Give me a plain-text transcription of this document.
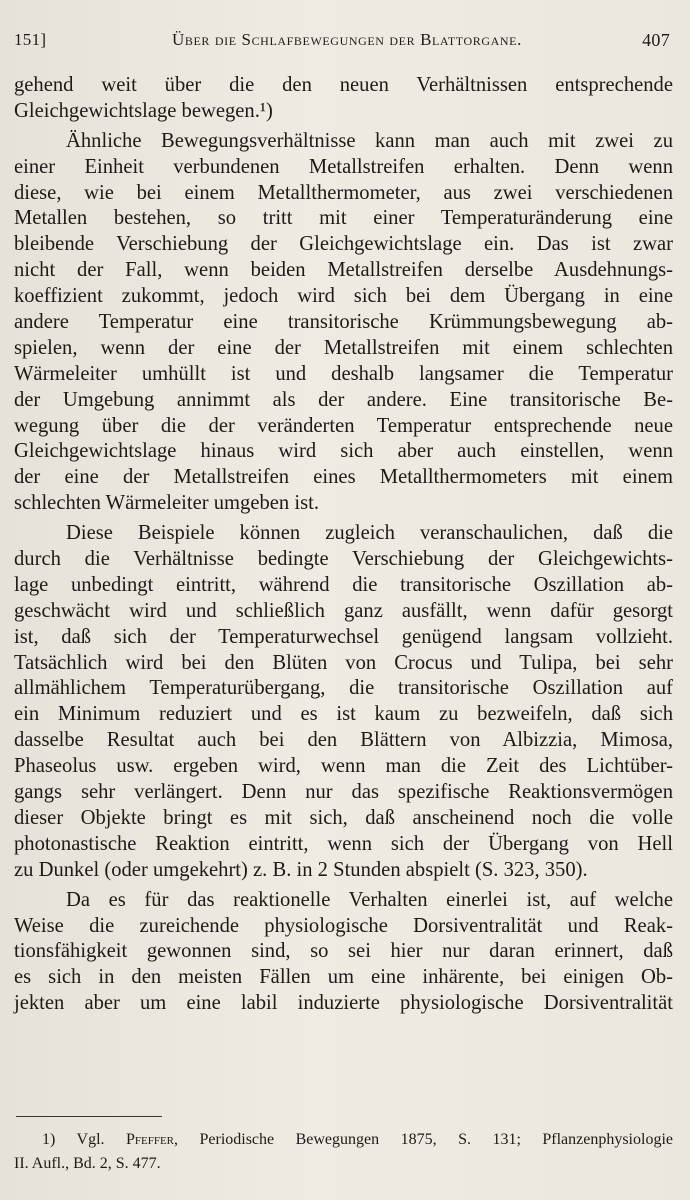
151]	Über die Schlafbewegungen der Blattorgane.	407
gehend weit über die den neuen Verhältnissen entsprechende
Gleichgewichtslage bewegen.¹)
Ähnliche Bewegungsverhältnisse kann man auch mit zwei zu
einer Einheit verbundenen Metallstreifen erhalten. Denn wenn
diese, wie bei einem Metallthermometer, aus zwei verschiedenen
Metallen bestehen, so tritt mit einer Temperaturänderung eine
bleibende Verschiebung der Gleichgewichtslage ein. Das ist zwar
nicht der Fall, wenn beiden Metallstreifen derselbe Ausdehnungs-
koeffizient zukommt, jedoch wird sich bei dem Übergang in eine
andere Temperatur eine transitorische Krümmungsbewegung ab-
spielen, wenn der eine der Metallstreifen mit einem schlechten
Wärmeleiter umhüllt ist und deshalb langsamer die Temperatur
der Umgebung annimmt als der andere. Eine transitorische Be-
wegung über die der veränderten Temperatur entsprechende neue
Gleichgewichtslage hinaus wird sich aber auch einstellen, wenn
der eine der Metallstreifen eines Metallthermometers mit einem
schlechten Wärmeleiter umgeben ist.
Diese Beispiele können zugleich veranschaulichen, daß die
durch die Verhältnisse bedingte Verschiebung der Gleichgewichts-
lage unbedingt eintritt, während die transitorische Oszillation ab-
geschwächt wird und schließlich ganz ausfällt, wenn dafür gesorgt
ist, daß sich der Temperaturwechsel genügend langsam vollzieht.
Tatsächlich wird bei den Blüten von Crocus und Tulipa, bei sehr
allmählichem Temperaturübergang, die transitorische Oszillation auf
ein Minimum reduziert und es ist kaum zu bezweifeln, daß sich
dasselbe Resultat auch bei den Blättern von Albizzia, Mimosa,
Phaseolus usw. ergeben wird, wenn man die Zeit des Lichtüber-
gangs sehr verlängert. Denn nur das spezifische Reaktionsvermögen
dieser Objekte bringt es mit sich, daß anscheinend noch die volle
photonastische Reaktion eintritt, wenn sich der Übergang von Hell
zu Dunkel (oder umgekehrt) z. B. in 2 Stunden abspielt (S. 323, 350).
Da es für das reaktionelle Verhalten einerlei ist, auf welche
Weise die zureichende physiologische Dorsiventralität und Reak-
tionsfähigkeit gewonnen sind, so sei hier nur daran erinnert, daß
es sich in den meisten Fällen um eine inhärente, bei einigen Ob-
jekten aber um eine labil induzierte physiologische Dorsiventralität
1) Vgl. Pfeffer, Periodische Bewegungen 1875, S. 131; Pflanzenphysiologie
II. Aufl., Bd. 2, S. 477.
